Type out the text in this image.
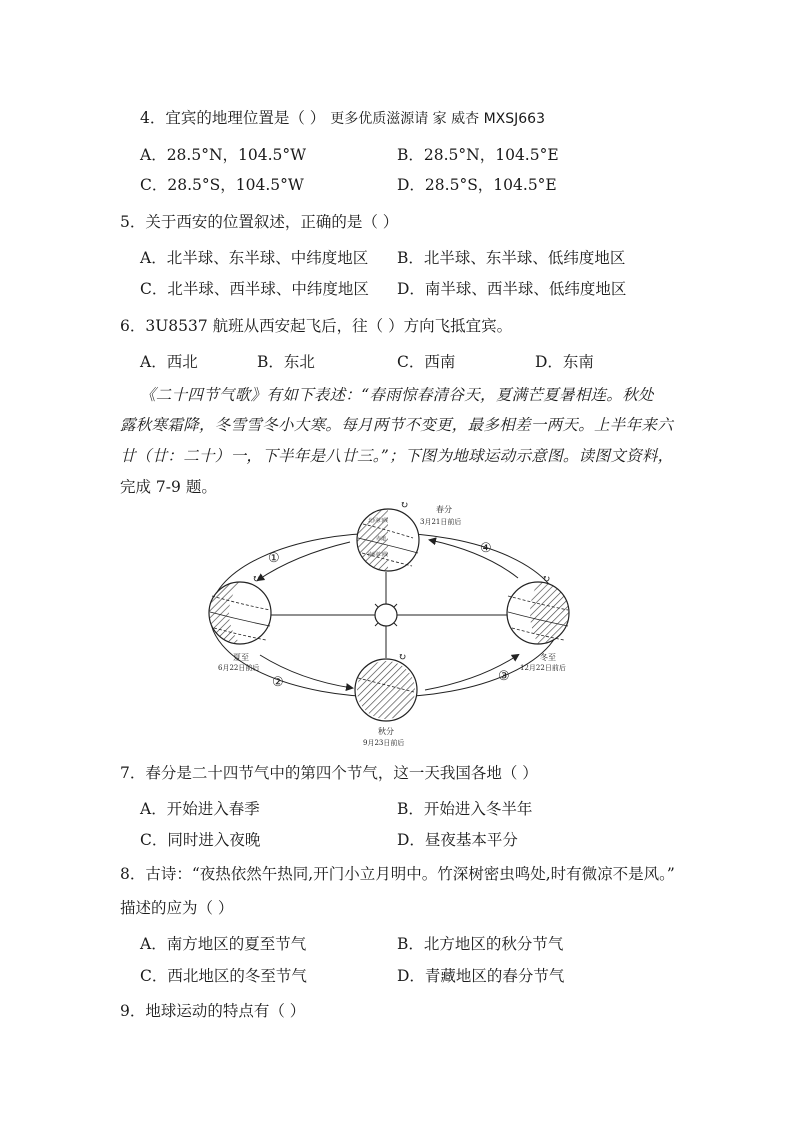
4．宜宾的地理位置是（ ） 更多优质滋源请 家 威杏 MXSJ663
A．28.5°N，104.5°W	B．28.5°N，104.5°E
C．28.5°S，104.5°W	D．28.5°S，104.5°E
5．关于西安的位置叙述，正确的是（ ）
A．北半球、东半球、中纬度地区 B．北半球、东半球、低纬度地区
C．北半球、西半球、中纬度地区 D．南半球、西半球、低纬度地区
6．3U8537 航班从西安起飞后，往（ ）方向飞抵宜宾。
A．西北	B．东北	C．西南	D．东南
《二十四节气歌》有如下表述：“春雨惊春清谷天，夏满芒夏暑相连。秋处
露秋寒霜降，冬雪雪冬小大寒。每月两节不变更，最多相差一两天。上半年来六
廿（廿：二十）一，下半年是八廿三。”；下图为地球运动示意图。读图文资料，
完成 7-9 题。
北回归线
赤道
南回归线
↻	春分
3月21日前后
↻
夏至
6月22日前后
↻
冬至
12月22日前后
↻
秋分
9月23日前后
①
②	③
④
7．春分是二十四节气中的第四个节气，这一天我国各地（ ）
A．开始进入春季	B．开始进入冬半年
C．同时进入夜晚	D．昼夜基本平分
8．古诗：“夜热依然午热同,开门小立月明中。竹深树密虫鸣处,时有微凉不是风。”
描述的应为（ ）
A．南方地区的夏至节气	B．北方地区的秋分节气
C．西北地区的冬至节气	D．青藏地区的春分节气
9．地球运动的特点有（ ）
